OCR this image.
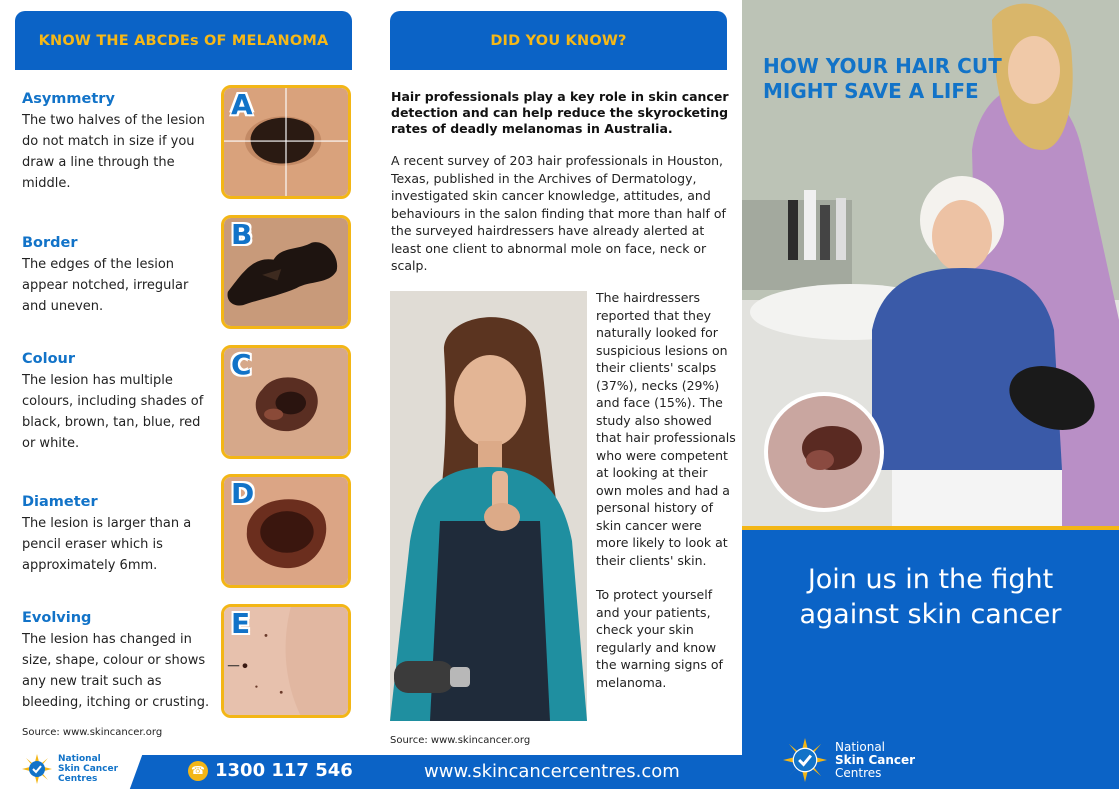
KNOW THE ABCDEs OF MELANOMA
Asymmetry
The two halves of the lesion do not match in size if you draw a line through the middle.
A
Border
The edges of the lesion appear notched, irregular and uneven.
B
Colour
The lesion has multiple colours, including shades of black, brown, tan, blue, red or white.
C
Diameter
The lesion is larger than a pencil eraser which is approximately 6mm.
D
Evolving
The lesion has changed in size, shape, colour or shows any new trait such as bleeding, itching or crusting.
E
Source: www.skincancer.org
National
Skin Cancer
Centres
DID YOU KNOW?
Hair professionals play a key role in skin cancer detection and can help reduce the skyrocketing rates of deadly melanomas in Australia.
A recent survey of 203 hair professionals in Houston, Texas, published in the Archives of Dermatology, investigated skin cancer knowledge, attitudes, and behaviours in the salon finding that more than half of the surveyed hairdressers have already alerted at least one client to abnormal mole on face, neck or scalp.
The hairdressers reported that they naturally looked for suspicious lesions on their clients' scalps (37%), necks (29%) and face (15%). The study also showed that hair professionals who were competent at looking at their own moles and had a personal history of skin cancer were more likely to look at their clients' skin.
To protect yourself and your patients, check your skin regularly and know the warning signs of melanoma.
Source: www.skincancer.org
HOW YOUR HAIR CUT
MIGHT SAVE A LIFE
Join us in the fight
against skin cancer
National
Skin Cancer
Centres
☎ 1300 117 546	www.skincancercentres.com
